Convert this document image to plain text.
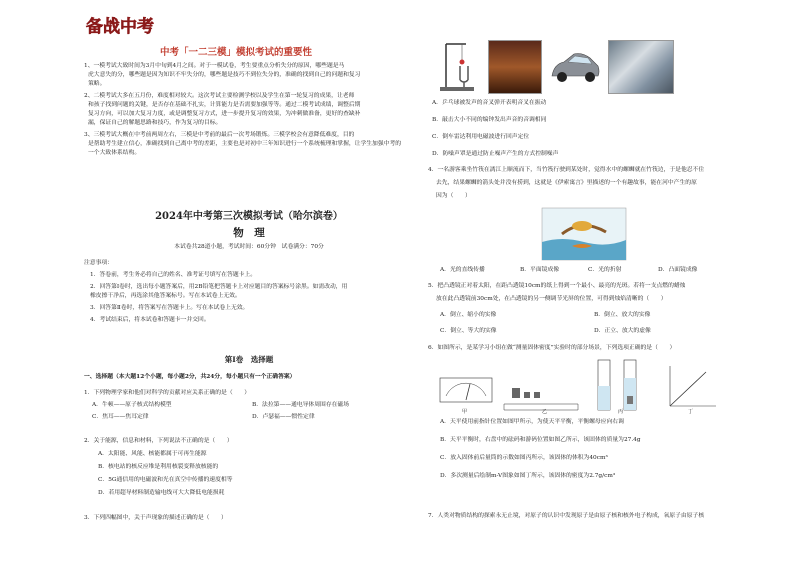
备战中考
中考「一二三模」模拟考试的重要性
1、一模考试大致时间为3月中旬到4月之间。对于一模试卷，考生要重点分析失分的原因，哪些题是马
虎大意失的分，哪些题是因为知识不牢失分的，哪些题是技巧不到位失分的，准确的找到自己的问题和复习
策略。
2、二模考试大多在五月份，难度相对较大。这次考试主要检测学校以及学生在第一轮复习的成果，让老师
和孩子找到问题的关键，是否存在基础不扎实，计算能力是否需要加强等等。通过二模考试成绩，调整后期
复习方向，可以加大复习力度，或是调整复习方式，进一步提升复习的效果，为冲刺做准备，更好的查缺补
漏，保证自己的解题思路和技巧，作为复习的目标。
3、三模考试大概在中考前两周左右，三模是中考前的最后一次考场锻炼。三模学校会有意降低难度，目的
是帮助考生建立信心，准确找到自己离中考的差距，主要也是对初中三年知识进行一个系统梳理和掌握，让学生加强中考的
一个大致体系结构。
2024年中考第三次模拟考试（哈尔滨卷）
物　理
本试卷共28道小题，考试时间：60分钟　试卷满分：70分
注意事项：
1．答卷前，考生务必将自己的姓名、准考证号填写在答题卡上。
2．回答第Ⅰ卷时，选出每小题答案后，用2B铅笔把答题卡上对应题目的答案标号涂黑。如需改动，用
橡皮擦干净后，再选涂其他答案标号。写在本试卷上无效。
3．回答第Ⅱ卷时，将答案写在答题卡上。写在本试卷上无效。
4．考试结束后，将本试卷和答题卡一并交回。
第Ⅰ卷　选择题
一、选择题（本大题12个小题，每小题2分，共24分，每小题只有一个正确答案）
1．下列物理学家和他们对科学的贡献对应关系正确的是（　　）
A．牛顿——原子核式结构模型	B．法拉第——通电导体周围存在磁场
C．焦耳——焦耳定律	D．卢瑟福——惯性定律
2．关于能源，信息和材料，下列说法不正确的是（　　）
A．太阳能、风能、核能都属于可再生能源
B．核电站的核反应堆是利用核裂变释放核能的
C．5G通信用的电磁波和光在真空中传播的速度相等
D．若用超导材料制造输电线可大大降低电能损耗
3．下列四幅图中，关于声现象的描述正确的是（　　）
A．乒乓球被发声的音叉弹开表明音叉在振动
B．敲击大小不同的编钟发出声音的音调相同
C．倒车雷达利用电磁波进行回声定位
D．防噪声罩是通过防止噪声产生的方式控制噪声
4．一名游客乘坐竹筏在漓江上顺流而下，当竹筏行驶到某处时，觉得水中的螺蛳就在竹筏边，于是他忍不住
去先，结果螺蛳的箭头处并没有捞到，这就是《伊索寓言》里描述的一个有趣故事，能在河中产生的原
因为（　　）
A．光的直线传播	B．平面镜成像	C．光的折射	D．凸面镜成像
5．把凸透镜正对着太阳，在距凸透镜10cm的纸上得到一个最小、最亮的光斑。若将一支点燃的蜡烛
放在此凸透镜前30cm处，在凸透镜的另一侧调节光屏的位置，可得到烛焰清晰的（　　）
A．倒立、缩小的实像	B．倒立、放大的实像
C．倒立、等大的实像	D．正立、放大的虚像
6．如图所示，是某学习小组在做“测量固体密度”实验时的部分场景，下列选项正确的是（　　）
甲	乙	丙	丁
A．天平使用前指针位置如图甲所示，为使天平平衡，平衡螺母应向右调
B．天平平衡时，右盘中的砝码和游码位置如图乙所示，该固体的质量为27.4g
C．放入固体前后量筒的示数如图丙所示，该固体的体积为40cm³
D．多次测量后绘制m-V图象如图丁所示，该固体的密度为2.7g/cm³
7．人类对物质结构的探索永无止境，对原子的认识中发现原子是由原子核和核外电子构成，氧原子由原子核
